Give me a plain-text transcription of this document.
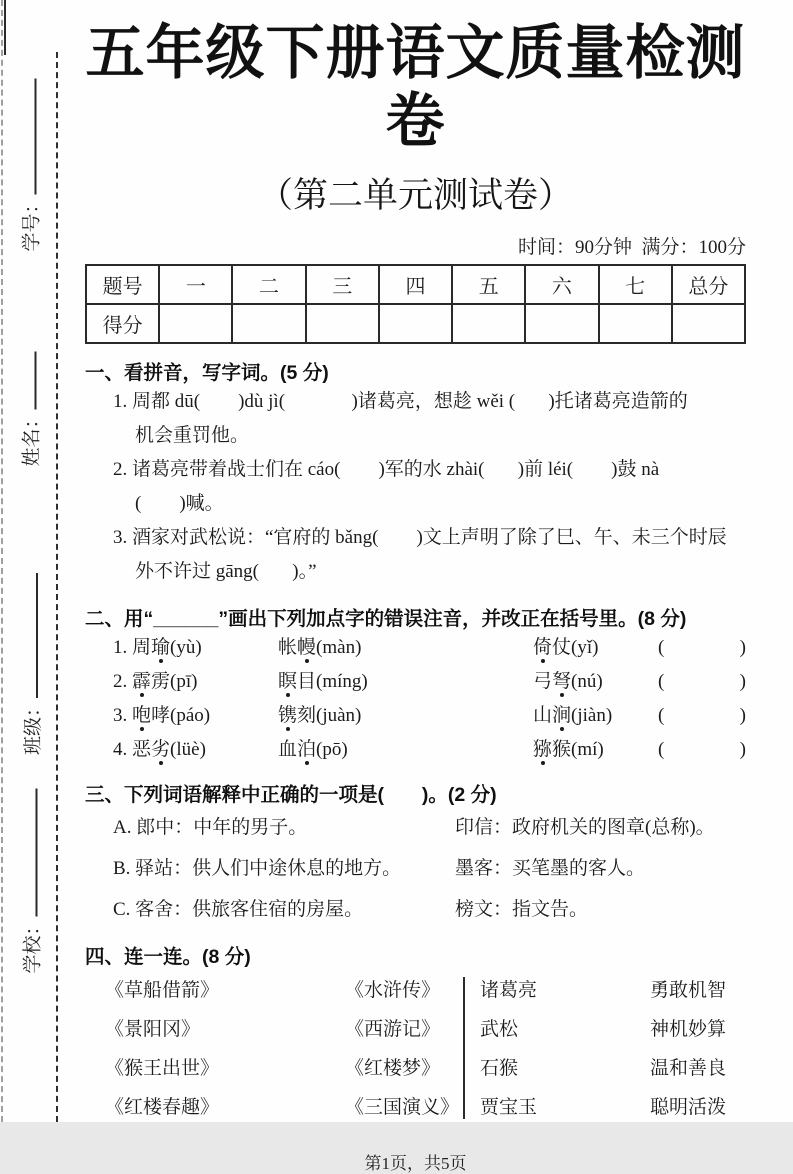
学号：
姓名：
班级：
学校：
五年级下册语文质量检测卷
（第二单元测试卷）
时间：90分钟  满分：100分
题号	一	二	三	四	五	六	七	总分
得分								
一、看拼音，写字词。(5 分)
1. 周都 dū(        )dù jì(              )诸葛亮，想趁 wěi (       )托诸葛亮造箭的
机会重罚他。
2. 诸葛亮带着战士们在 cáo(        )军的水 zhài(       )前 léi(        )鼓 nà
(        )喊。
3. 酒家对武松说：“官府的 bǎng(        )文上声明了除了巳、午、未三个时辰
外不许过 gāng(       )。”
二、用“______”画出下列加点字的错误注音，并改正在括号里。(8 分)
1. 周瑜(yù)	帐幔(màn)	倚仗(yǐ)	(	)
2. 霹雳(pī)	瞑目(míng)	弓弩(nú)	(	)
3. 咆哮(páo)	镌刻(juàn)	山涧(jiàn)	(	)
4. 恶劣(lüè)	血泊(pō)	猕猴(mí)	(	)
三、下列词语解释中正确的一项是(       )。(2 分)
A. 郎中：中年的男子。	印信：政府机关的图章(总称)。
B. 驿站：供人们中途休息的地方。	墨客：买笔墨的客人。
C. 客舍：供旅客住宿的房屋。	榜文：指文告。
四、连一连。(8 分)
《草船借箭》	《水浒传》	诸葛亮	勇敢机智
《景阳冈》	《西游记》	武松	神机妙算
《猴王出世》	《红楼梦》	石猴	温和善良
《红楼春趣》	《三国演义》	贾宝玉	聪明活泼
第1页，共5页
